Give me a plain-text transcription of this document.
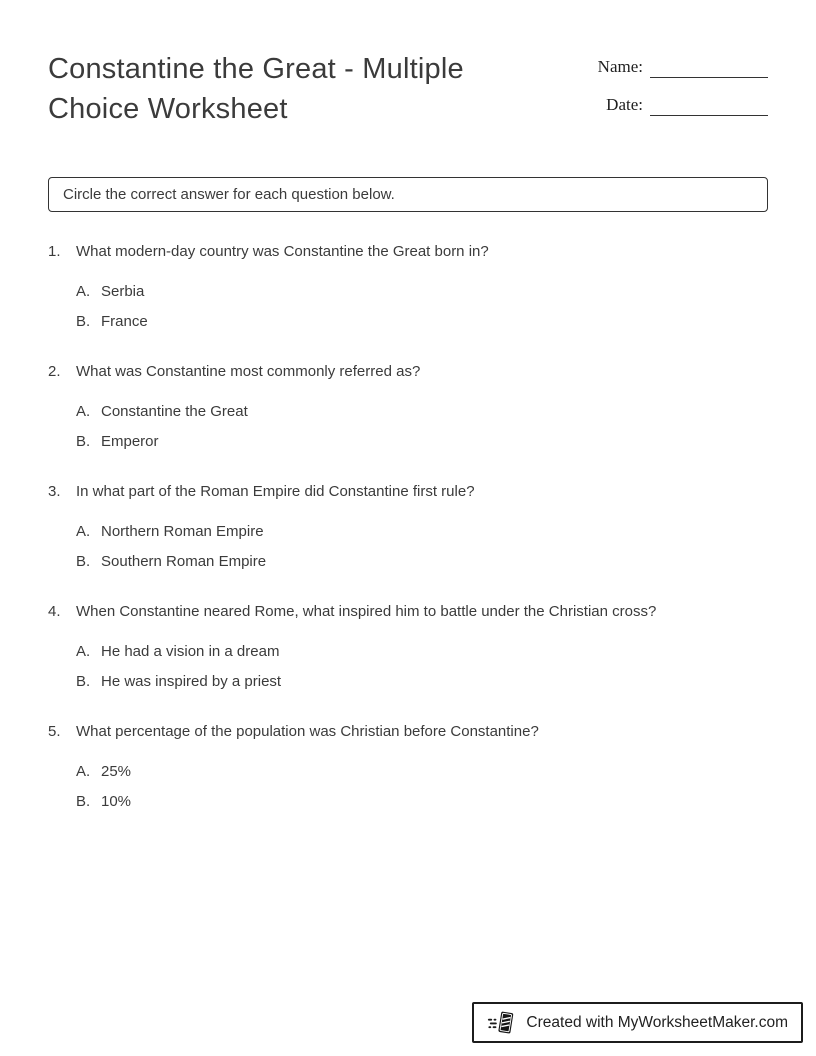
Constantine the Great - Multiple Choice Worksheet
Name:
Date:
Circle the correct answer for each question below.
1.	What modern-day country was Constantine the Great born in?
A. Serbia
B. France
2.	What was Constantine most commonly referred as?
A. Constantine the Great
B. Emperor
3.	In what part of the Roman Empire did Constantine first rule?
A. Northern Roman Empire
B. Southern Roman Empire
4.	When Constantine neared Rome, what inspired him to battle under the Christian cross?
A. He had a vision in a dream
B. He was inspired by a priest
5.	What percentage of the population was Christian before Constantine?
A. 25%
B. 10%
Created with MyWorksheetMaker.com
